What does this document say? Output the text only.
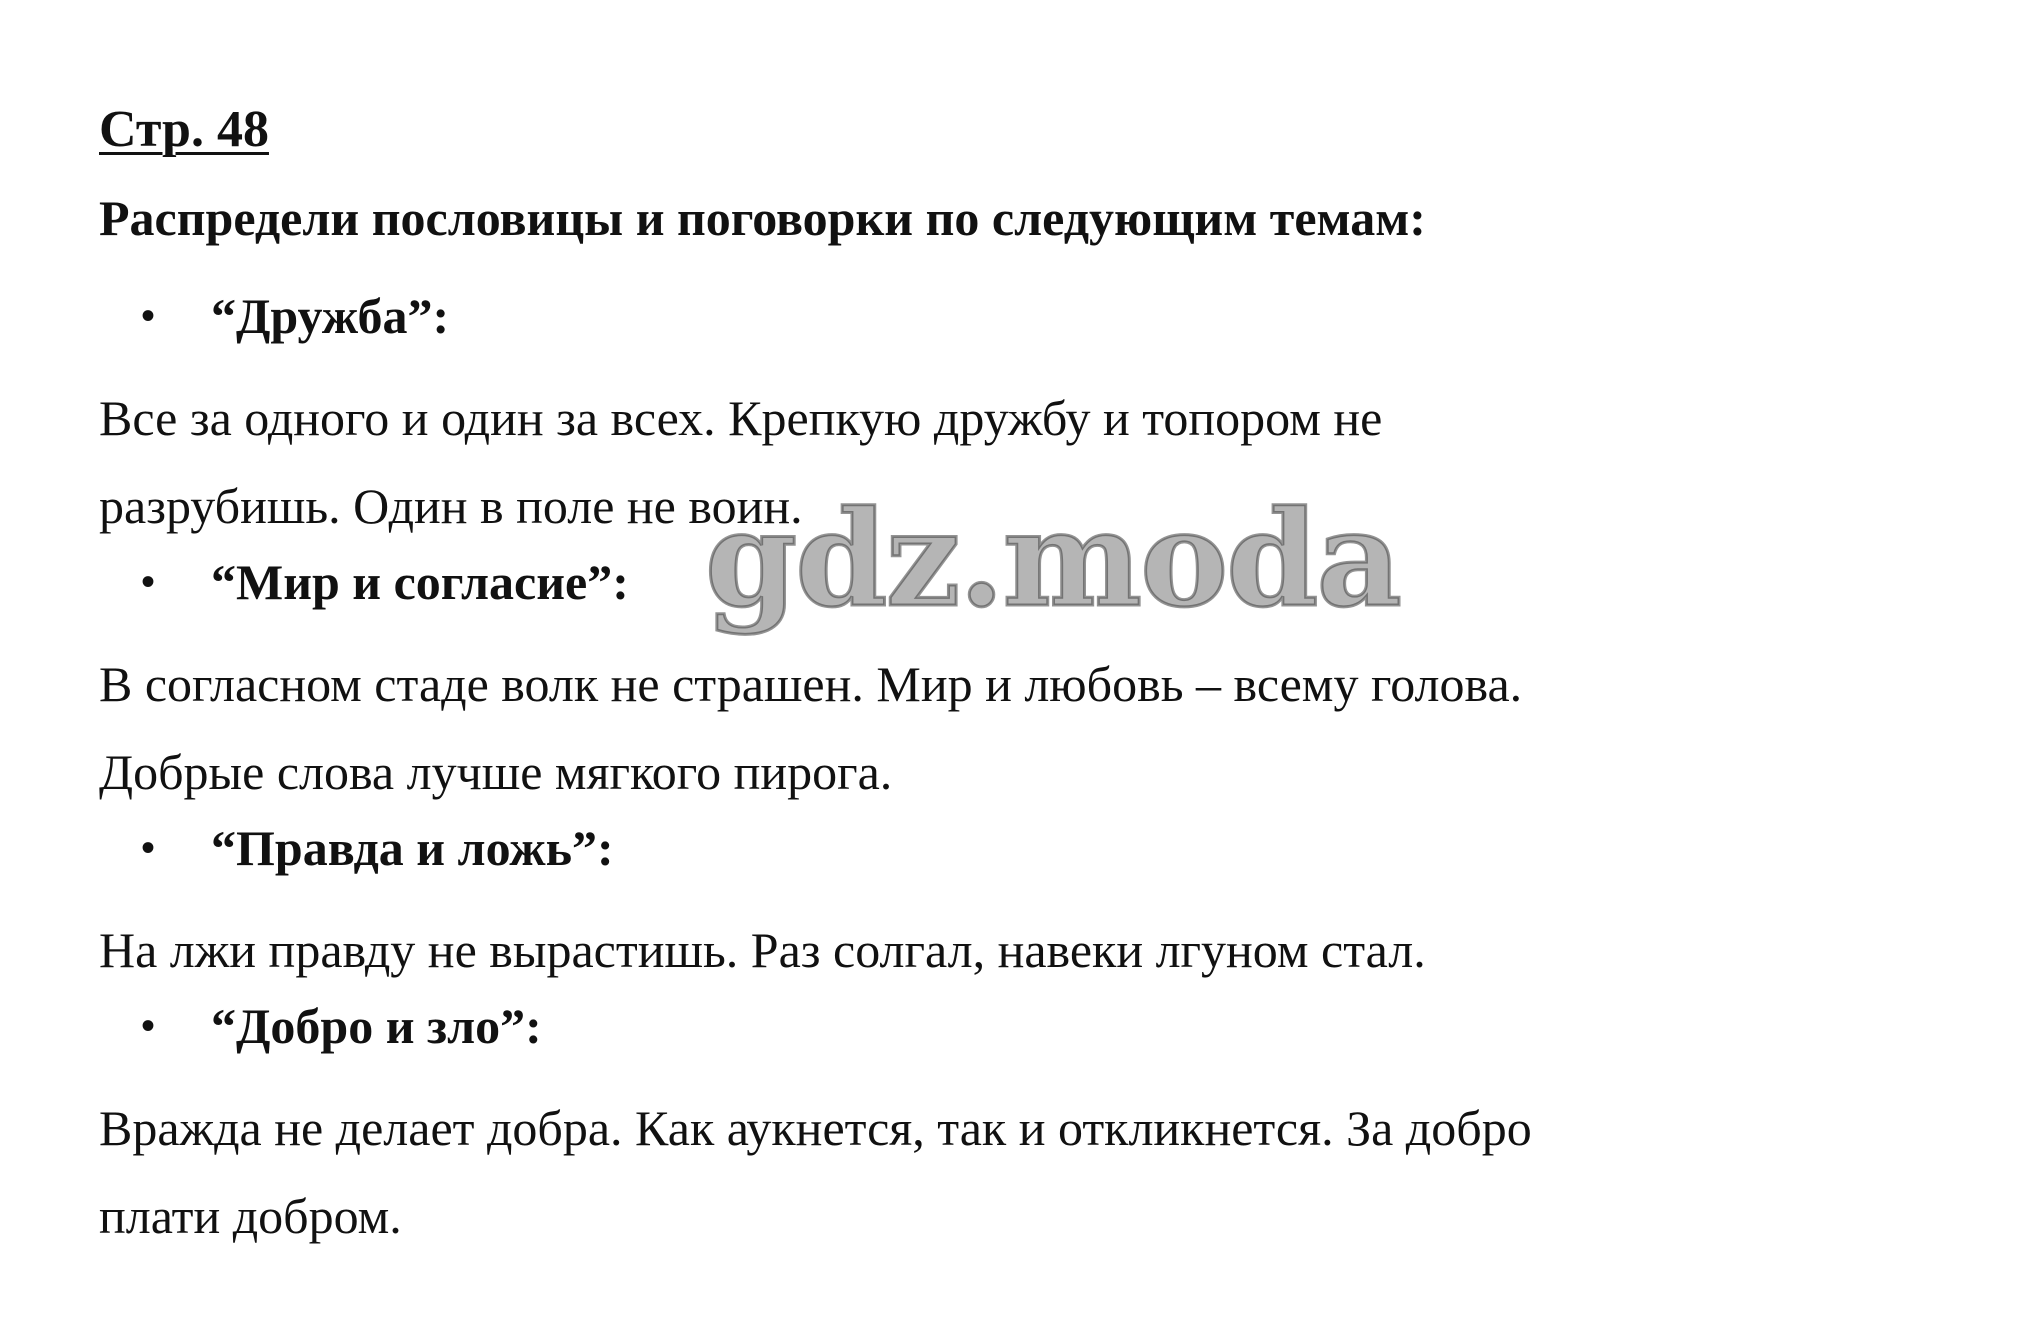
Стр. 48
Распредели пословицы и поговорки по следующим темам:
• “Дружба”:
Все за одного и один за всех. Крепкую дружбу и топором не
разрубишь. Один в поле не воин.
• “Мир и согласие”:
В согласном стаде волк не страшен. Мир и любовь – всему голова.
Добрые слова лучше мягкого пирога.
• “Правда и ложь”:
На лжи правду не вырастишь. Раз солгал, навеки лгуном стал.
• “Добро и зло”:
Вражда не делает добра. Как аукнется, так и откликнется. За добро
плати добром.
gdz.moda
